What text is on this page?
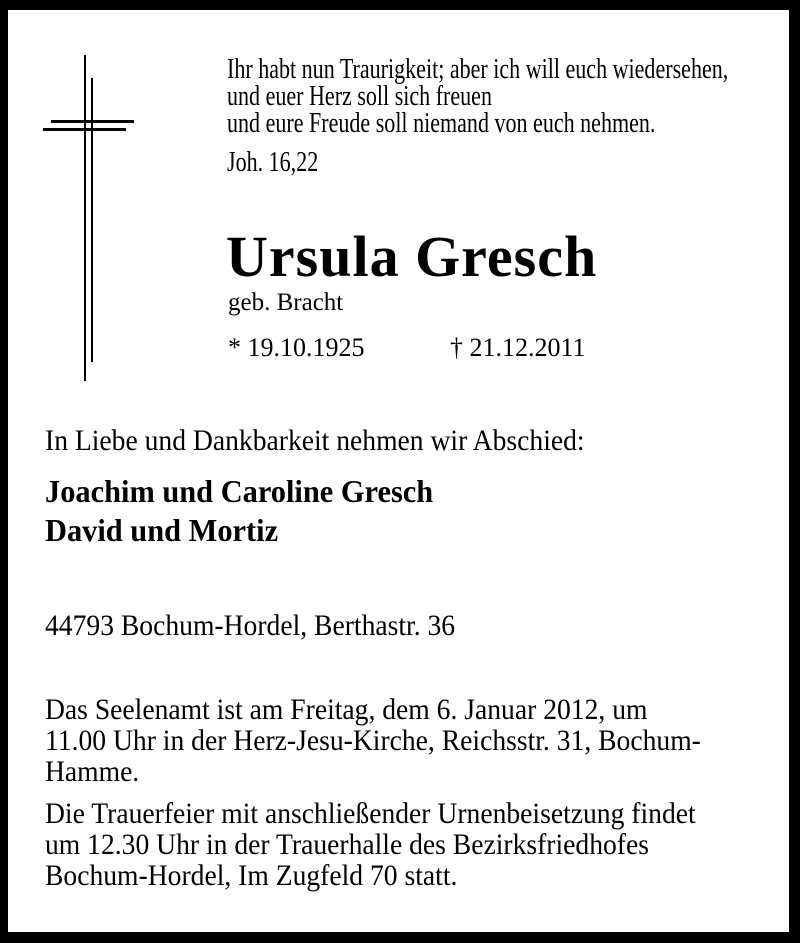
Ihr habt nun Traurigkeit; aber ich will euch wiedersehen,
und euer Herz soll sich freuen
und eure Freude soll niemand von euch nehmen.
Joh. 16,22
Ursula Gresch
geb. Bracht
* 19.10.1925	† 21.12.2011
In Liebe und Dankbarkeit nehmen wir Abschied:
Joachim und Caroline Gresch
David und Mortiz
44793 Bochum-Hordel, Berthastr. 36
Das Seelenamt ist am Freitag, dem 6. Januar 2012, um
11.00 Uhr in der Herz-Jesu-Kirche, Reichsstr. 31, Bochum-
Hamme.
Die Trauerfeier mit anschließender Urnenbeisetzung findet
um 12.30 Uhr in der Trauerhalle des Bezirksfriedhofes
Bochum-Hordel, Im Zugfeld 70 statt.
